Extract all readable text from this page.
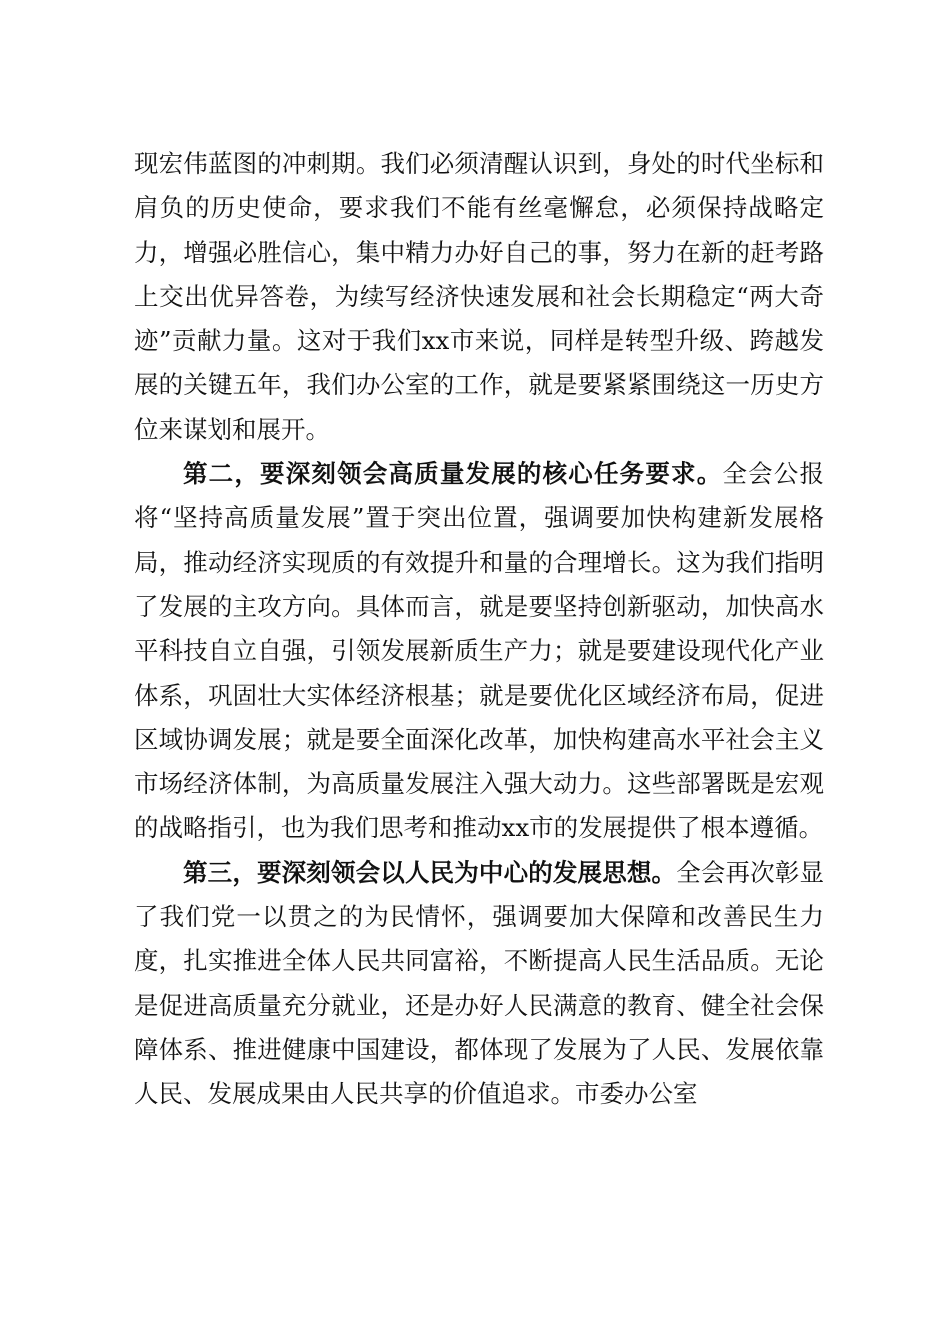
现宏伟蓝图的冲刺期。我们必须清醒认识到，身处的时代坐标和肩负的历史使命，要求我们不能有丝毫懈怠，必须保持战略定力，增强必胜信心，集中精力办好自己的事，努力在新的赶考路上交出优异答卷，为续写经济快速发展和社会长期稳定“两大奇迹”贡献力量。这对于我们xx市来说，同样是转型升级、跨越发展的关键五年，我们办公室的工作，就是要紧紧围绕这一历史方位来谋划和展开。

第二，要深刻领会高质量发展的核心任务要求。全会公报将“坚持高质量发展”置于突出位置，强调要加快构建新发展格局，推动经济实现质的有效提升和量的合理增长。这为我们指明了发展的主攻方向。具体而言，就是要坚持创新驱动，加快高水平科技自立自强，引领发展新质生产力；就是要建设现代化产业体系，巩固壮大实体经济根基；就是要优化区域经济布局，促进区域协调发展；就是要全面深化改革，加快构建高水平社会主义市场经济体制，为高质量发展注入强大动力。这些部署既是宏观的战略指引，也为我们思考和推动xx市的发展提供了根本遵循。

第三，要深刻领会以人民为中心的发展思想。全会再次彰显了我们党一以贯之的为民情怀，强调要加大保障和改善民生力度，扎实推进全体人民共同富裕，不断提高人民生活品质。无论是促进高质量充分就业，还是办好人民满意的教育、健全社会保障体系、推进健康中国建设，都体现了发展为了人民、发展依靠人民、发展成果由人民共享的价值追求。市委办公室
